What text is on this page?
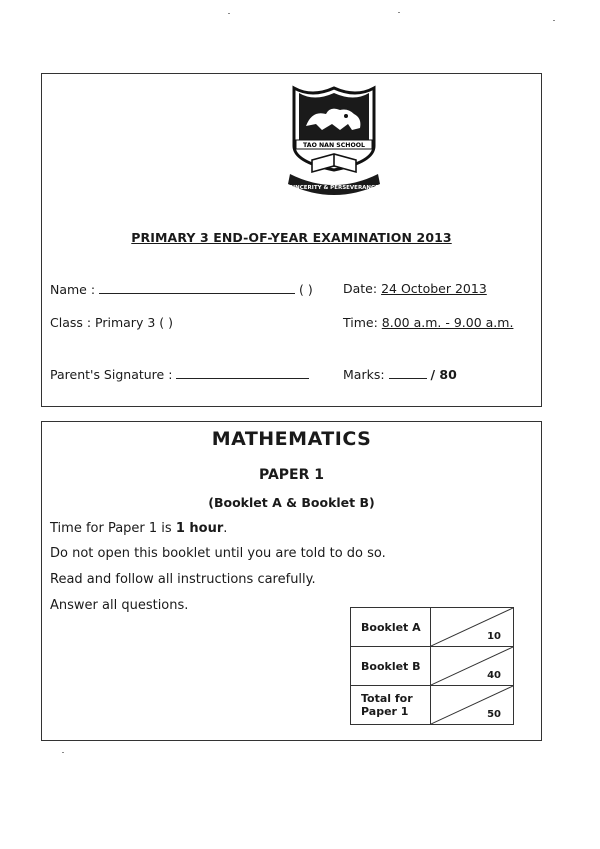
TAO NAN SCHOOL
SINCERITY & PERSEVERANCE
PRIMARY 3 END-OF-YEAR EXAMINATION 2013
Name :	( ) Date: 24 October 2013
Class : Primary 3 ( )	Time: 8.00 a.m. - 9.00 a.m.
Parent's Signature :	Marks:	/ 80
MATHEMATICS
PAPER 1
(Booklet A & Booklet B)
Time for Paper 1 is 1 hour.
Do not open this booklet until you are told to do so.
Read and follow all instructions carefully.
Answer all questions.
Booklet A	10

Booklet B	40

Total for Paper 1	50
